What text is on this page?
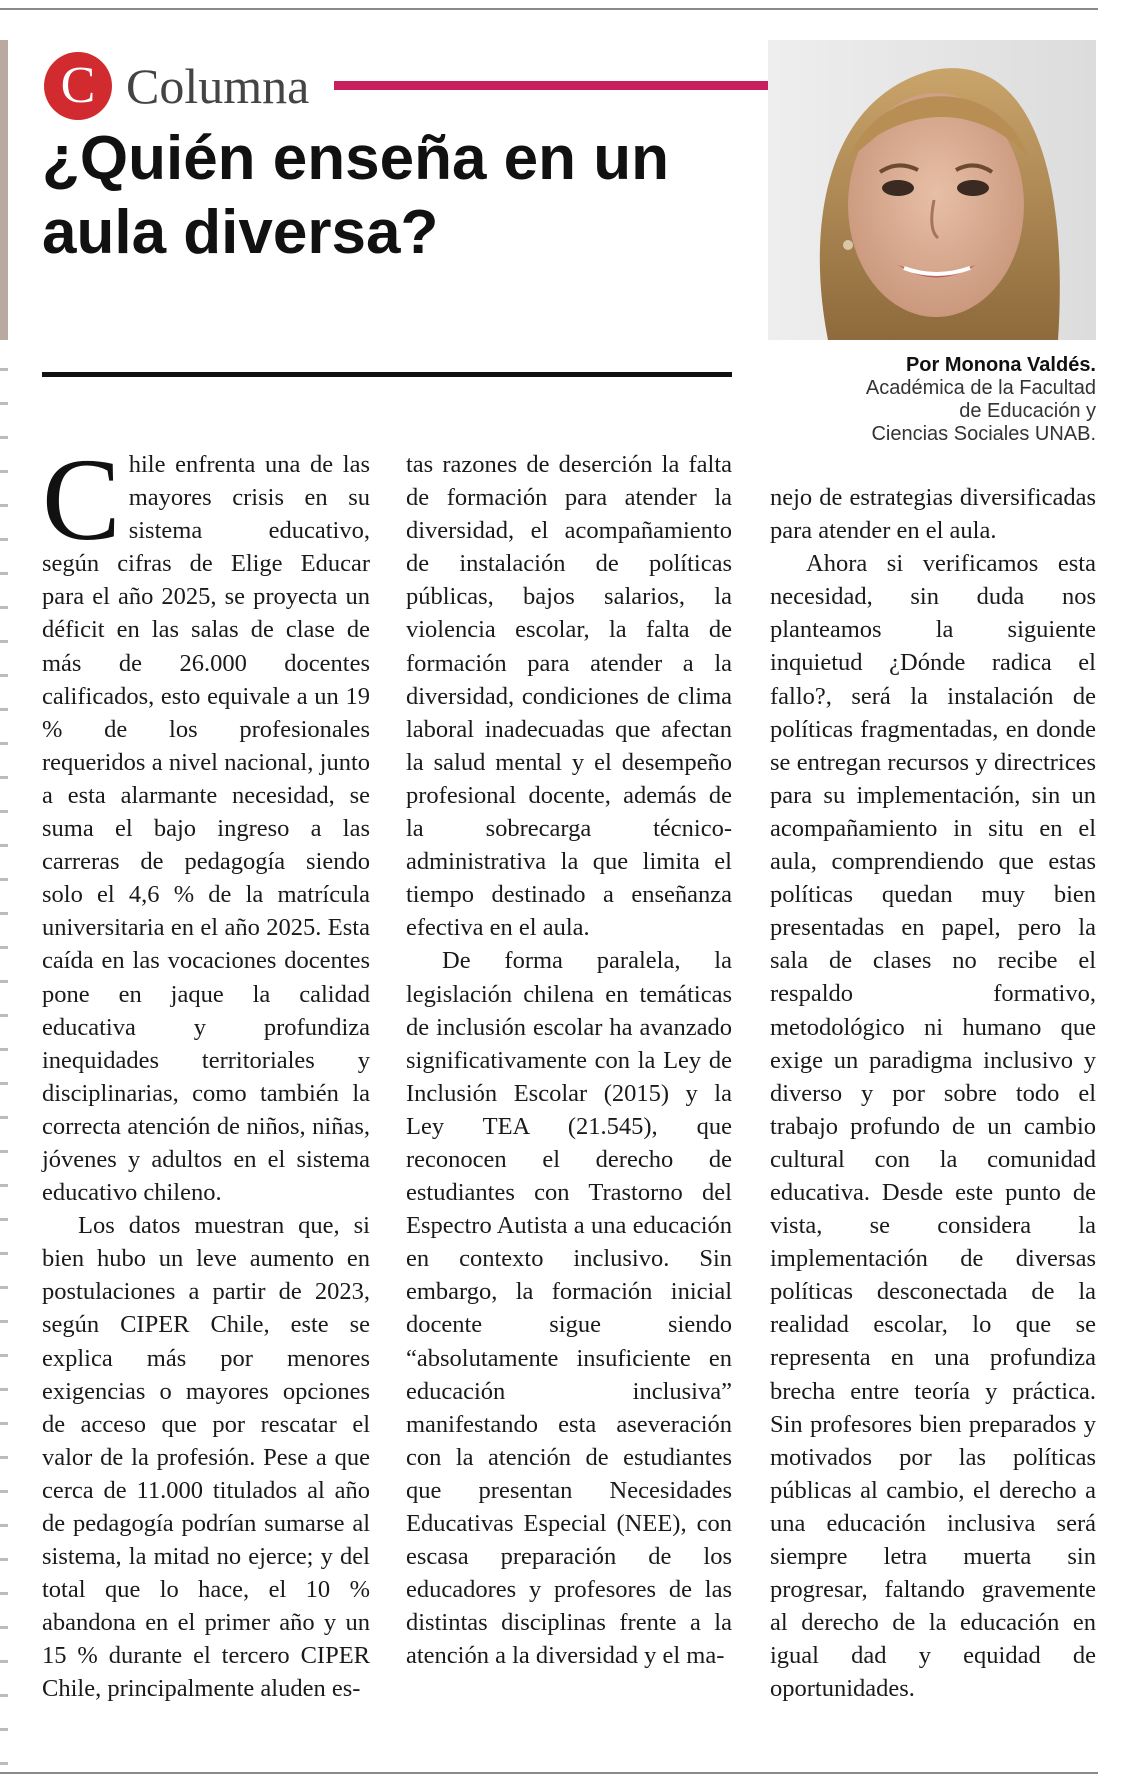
C Columna
¿Quién enseña en un aula diversa?
Por Monona Valdés.
Académica de la Facultad
de Educación y
Ciencias Sociales UNAB.

Chile enfrenta una de las mayores crisis en su sistema educativo, según cifras de Elige Educar para el año 2025, se proyecta un déficit en las salas de clase de más de 26.000 docentes calificados, esto equivale a un 19 % de los profesionales requeridos a nivel nacional, junto a esta alarmante necesidad, se suma el bajo ingreso a las carreras de pedagogía siendo solo el 4,6 % de la matrícula universitaria en el año 2025. Esta caída en las vocaciones docentes pone en jaque la calidad educativa y profundiza inequidades territoriales y disciplinarias, como también la correcta atención de niños, niñas, jóvenes y adultos en el sistema educativo chileno.

Los datos muestran que, si bien hubo un leve aumento en postulaciones a partir de 2023, según CIPER Chile, este se explica más por menores exigencias o mayores opciones de acceso que por rescatar el valor de la profesión. Pese a que cerca de 11.000 titulados al año de pedagogía podrían sumarse al sistema, la mitad no ejerce; y del total que lo hace, el 10 % abandona en el primer año y un 15 % durante el tercero CIPER Chile, principalmente aluden es-

tas razones de deserción la falta de formación para atender la diversidad, el acompañamiento de instalación de políticas públicas, bajos salarios, la violencia escolar, la falta de formación para atender a la diversidad, condiciones de clima laboral inadecuadas que afectan la salud mental y el desempeño profesional docente, además de la sobrecarga técnico- administrativa la que limita el tiempo destinado a enseñanza efectiva en el aula.

De forma paralela, la legislación chilena en temáticas de inclusión escolar ha avanzado significativamente con la Ley de Inclusión Escolar (2015) y la Ley TEA (21.545), que reconocen el derecho de estudiantes con Trastorno del Espectro Autista a una educación en contexto inclusivo. Sin embargo, la formación inicial docente sigue siendo “absolutamente insuficiente en educación inclusiva” manifestando esta aseveración con la atención de estudiantes que presentan Necesidades Educativas Especial (NEE), con escasa preparación de los educadores y profesores de las distintas disciplinas frente a la atención a la diversidad y el ma-

nejo de estrategias diversificadas para atender en el aula.

Ahora si verificamos esta necesidad, sin duda nos planteamos la siguiente inquietud ¿Dónde radica el fallo?, será la instalación de políticas fragmentadas, en donde se entregan recursos y directrices para su implementación, sin un acompañamiento in situ en el aula, comprendiendo que estas políticas quedan muy bien presentadas en papel, pero la sala de clases no recibe el respaldo formativo, metodológico ni humano que exige un paradigma inclusivo y diverso y por sobre todo el trabajo profundo de un cambio cultural con la comunidad educativa. Desde este punto de vista, se considera la implementación de diversas políticas desconectada de la realidad escolar, lo que se representa en una profundiza brecha entre teoría y práctica. Sin profesores bien preparados y motivados por las políticas públicas al cambio, el derecho a una educación inclusiva será siempre letra muerta sin progresar, faltando gravemente al derecho de la educación en igual dad y equidad de oportunidades.
